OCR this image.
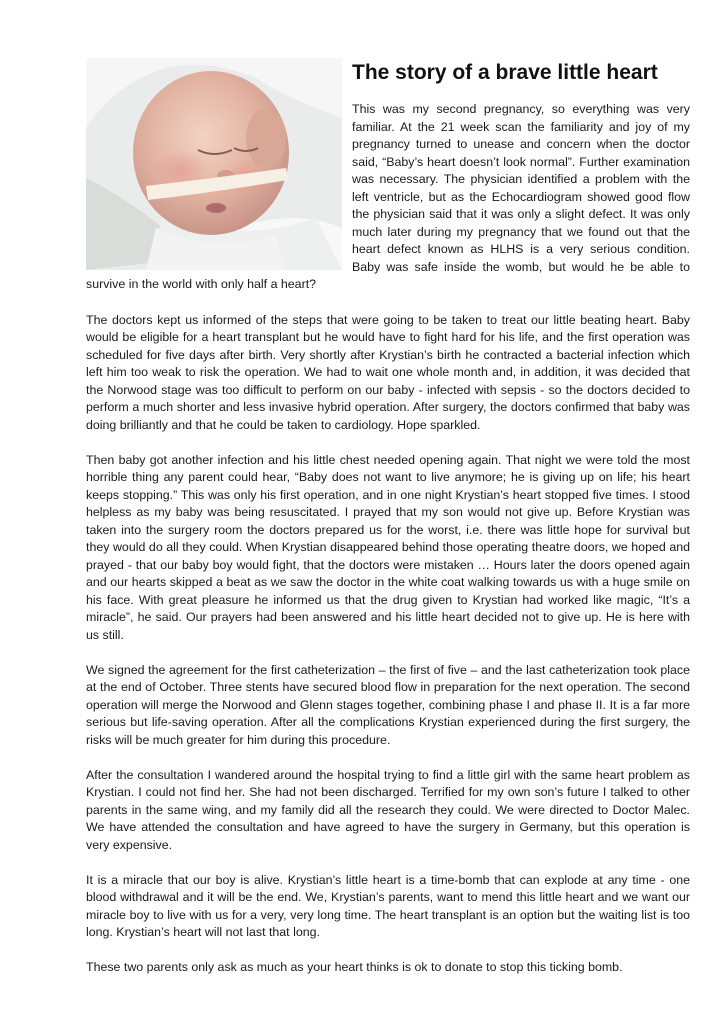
The story of a brave little heart

This was my second pregnancy, so everything was very familiar. At the 21 week scan the familiarity and joy of my pregnancy turned to unease and concern when the doctor said, “Baby’s heart doesn’t look normal”. Further examination was necessary. The physician identified a problem with the left ventricle, but as the Echocardiogram showed good flow the physician said that it was only a slight defect. It was only much later during my pregnancy that we found out that the heart defect known as HLHS is a very serious condition. Baby was safe inside the womb, but would he be able to survive in the world with only half a heart?

The doctors kept us informed of the steps that were going to be taken to treat our little beating heart. Baby would be eligible for a heart transplant but he would have to fight hard for his life, and the first operation was scheduled for five days after birth. Very shortly after Krystian’s birth he contracted a bacterial infection which left him too weak to risk the operation. We had to wait one whole month and, in addition, it was decided that the Norwood stage was too difficult to perform on our baby - infected with sepsis - so the doctors decided to perform a much shorter and less invasive hybrid operation. After surgery, the doctors confirmed that baby was doing brilliantly and that he could be taken to cardiology. Hope sparkled.

Then baby got another infection and his little chest needed opening again. That night we were told the most horrible thing any parent could hear, “Baby does not want to live anymore; he is giving up on life; his heart keeps stopping.” This was only his first operation, and in one night Krystian’s heart stopped five times. I stood helpless as my baby was being resuscitated. I prayed that my son would not give up. Before Krystian was taken into the surgery room the doctors prepared us for the worst, i.e. there was little hope for survival but they would do all they could. When Krystian disappeared behind those operating theatre doors, we hoped and prayed - that our baby boy would fight, that the doctors were mistaken … Hours later the doors opened again and our hearts skipped a beat as we saw the doctor in the white coat walking towards us with a huge smile on his face. With great pleasure he informed us that the drug given to Krystian had worked like magic, “It’s a miracle”, he said. Our prayers had been answered and his little heart decided not to give up. He is here with us still.

We signed the agreement for the first catheterization – the first of five – and the last catheterization took place at the end of October. Three stents have secured blood flow in preparation for the next operation. The second operation will merge the Norwood and Glenn stages together, combining phase I and phase II. It is a far more serious but life-saving operation. After all the complications Krystian experienced during the first surgery, the risks will be much greater for him during this procedure.

After the consultation I wandered around the hospital trying to find a little girl with the same heart problem as Krystian. I could not find her. She had not been discharged. Terrified for my own son’s future I talked to other parents in the same wing, and my family did all the research they could. We were directed to Doctor Malec. We have attended the consultation and have agreed to have the surgery in Germany, but this operation is very expensive.

It is a miracle that our boy is alive. Krystian’s little heart is a time-bomb that can explode at any time - one blood withdrawal and it will be the end. We, Krystian’s parents, want to mend this little heart and we want our miracle boy to live with us for a very, very long time. The heart transplant is an option but the waiting list is too long. Krystian’s heart will not last that long.

These two parents only ask as much as your heart thinks is ok to donate to stop this ticking bomb.
